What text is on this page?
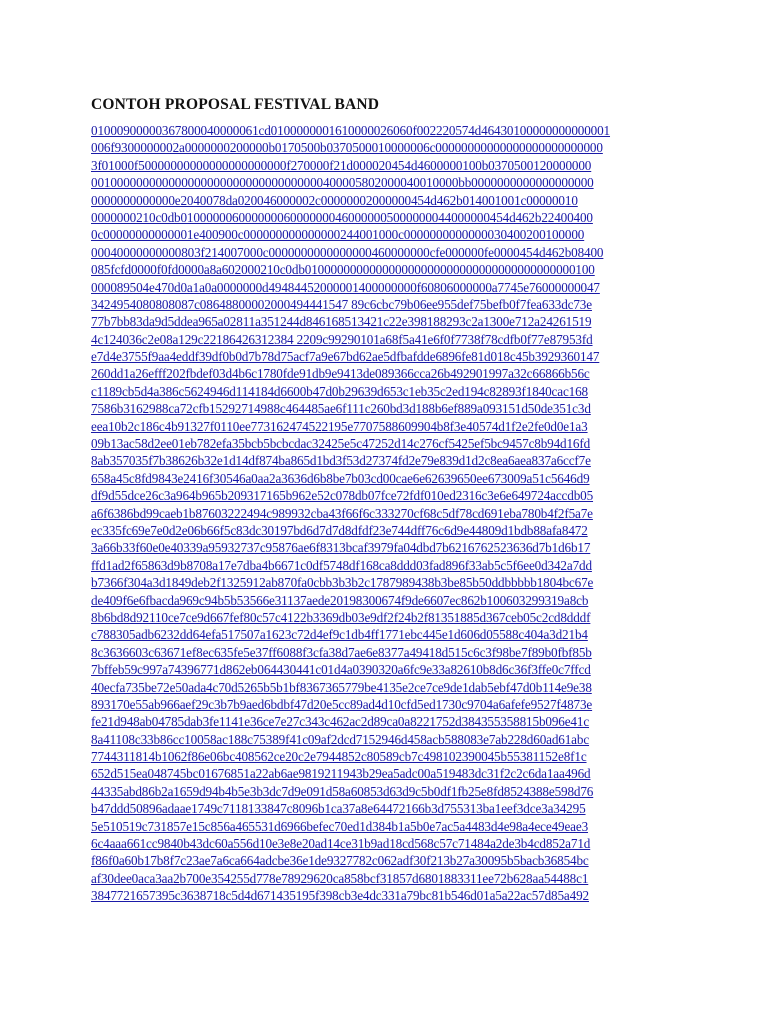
CONTOH PROPOSAL FESTIVAL BAND
01000900000367800040000061cd0100000001610000026060f002220574d46430100000000000001
006f9300000002a0000000200000b0170500b0370500010000006c00000000000000000000000000
3f01000f50000000000000000000000f270000f21d000020454d4600000100b0370500120000000
001000000000000000000000000000000000400005802000040010000bb0000000000000000000
0000000000000e2040078da020046000002c00000002000000454d462b014001001c00000010
0000000210c0db010000006000000060000000460000005000000044000000454d462b22400400
0c00000000000001e400900c000000000000000244001000c0000000000000030400200100000
00040000000000803f214007000c0000000000000000460000000cfe000000fe0000454d462b08400
085fcfd0000f0fd0000a8a602000210c0db010000000000000000000000000000000000000000100
000089504e470d0a1a0a0000000d49484452000001400000000f60806000000a7745e76000000047
3424954080808087c08648800002000494441547 89c6cbc79b06ee955def75befb0f7fea633dc73e
77b7bb83da9d5ddea965a02811a351244d846168513421c22e398188293c2a1300e712a24261519
4c124036c2e08a129c22186426312384 2209c99290101a68f5a41e6f0f7738f78cdfb0f77e87953fd
e7d4e3755f9aa4eddf39df0b0d7b78d75acf7a9e67bd62ae5dfbafdde6896fe81d018c45b3929360147
260dd1a26efff202fbdef03d4b6c1780fde91db9e9413de089366cca26b492901997a32c66866b56c
c1189cb5d4a386c5624946d114184d6600b47d0b29639d653c1eb35c2ed194c82893f1840cac168
7586b3162988ca72cfb15292714988c464485ae6f111c260bd3d188b6ef889a093151d50de351c3d
eea10b2c186c4b91327f0110ee773162474522195e7707588609904b8f3e40574d1f2e2fe0d0e1a3
09b13ac58d2ee01eb782efa35bcb5bcbcdac32425e5c47252d14c276cf5425ef5bc9457c8b94d16fd
8ab357035f7b38626b32e1d14df874ba865d1bd3f53d27374fd2e79e839d1d2c8ea6aea837a6ccf7e
658a45c8fd9843e2416f30546a0aa2a3636d6b8be7b03cd00cae6e62639650ee673009a51c5646d9
df9d55dce26c3a964b965b209317165b962e52c078db07fce72fdf010ed2316c3e6e649724accdb05
a6f6386bd99caeb1b87603222494c989932cba43f66f6c333270cf68c5df78cd691eba780b4f2f5a7e
ec335fc69e7e0d2e06b66f5c83dc30197bd6d7d7d8dfdf23e744dff76c6d9e44809d1bdb88afa8472
3a66b33f60e0e40339a95932737c95876ae6f8313bcaf3979fa04dbd7b6216762523636d7b1d6b17
ffd1ad2f65863d9b8708a17e7dba4b6671c0df5748df168ca8ddd03fad896f33ab5c5f6ee0d342a7dd
b7366f304a3d1849deb2f1325912ab870fa0cbb3b3b2c1787989438b3be85b50ddbbbbb1804bc67e
de409f6e6fbacda969c94b5b53566e31137aede20198300674f9de6607ec862b100603299319a8cb
8b6bd8d92110ce7ce9d667fef80c57c4122b3369db03e9df2f24b2f81351885d367ceb05c2cd8dddf
c788305adb6232dd64efa517507a1623c72d4ef9c1db4ff1771ebc445e1d606d05588c404a3d21b4
8c3636603c63671ef8ec635fe5e37ff6088f3cfa38d7ae6e8377a49418d515c6c3f98be7f89b0fbf85b
7bffeb59c997a74396771d862eb064430441c01d4a0390320a6fc9e33a82610b8d6c36f3ffe0c7ffcd
40ecfa735be72e50ada4c70d5265b5b1bf8367365779be4135e2ce7ce9de1dab5ebf47d0b114e9e38
893170e55ab966aef29c3b7b9aed6bdbf47d20e5cc89ad4d10cfd5ed1730c9704a6afefe9527f4873e
fe21d948ab04785dab3fe1141e36ce7e27c343c462ac2d89ca0a8221752d384355358815b096e41c
8a41108c33b86cc10058ac188c75389f41c09af2dcd7152946d458acb588083e7ab228d60ad61abc
7744311814b1062f86e06bc408562ce20c2e7944852c80589cb7c498102390045b55381152e8f1c
652d515ea048745bc01676851a22ab6ae9819211943b29ea5adc00a519483dc31f2c2c6da1aa496d
44335abd86b2a1659d94b4b5e3b3dc7d9e091d58a60853d63d9c5b0df1fb25e8fd8524388e598d76
b47ddd50896adaae1749c7118133847c8096b1ca37a8e64472166b3d755313ba1eef3dce3a34295
5e510519c731857e15c856a465531d6966befec70ed1d384b1a5b0e7ac5a4483d4e98a4ece49eae3
6c4aaa661cc9840b43dc60a556d10e3e8e20ad14ce31b9ad18cd568c57c71484a2de3b4cd852a71d
f86f0a60b17b8f7c23ae7a6ca664adcbe36e1de9327782c062adf30f213b27a30095b5bacb36854bc
af30dee0aca3aa2b700e354255d778e78929620ca858bcf31857d6801883311ee72b628aa54488c1
3847721657395c3638718c5d4d671435195f398cb3e4dc331a79bc81b546d01a5a22ac57d85a492
